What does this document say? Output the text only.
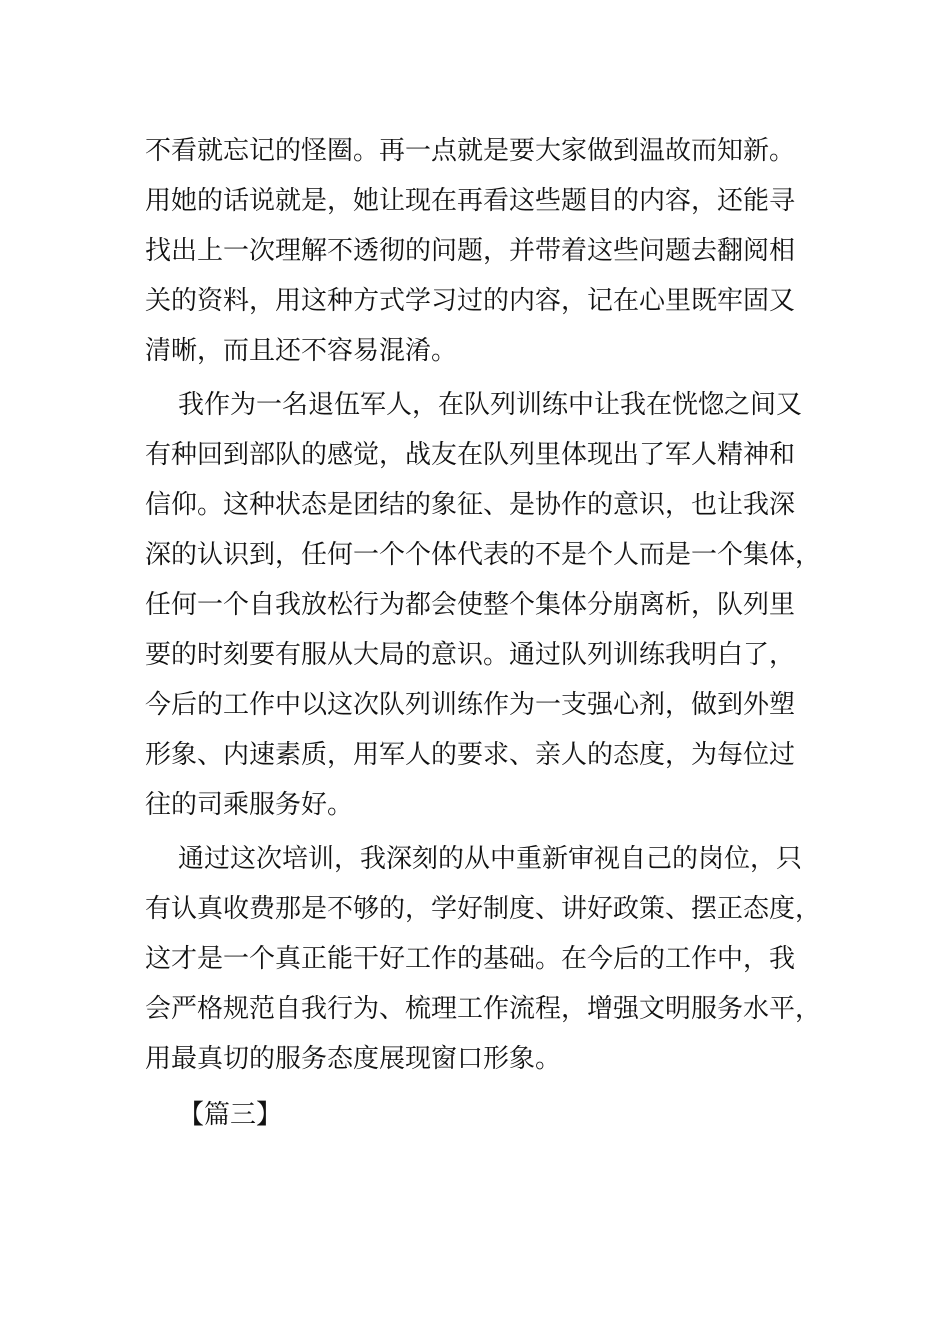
不看就忘记的怪圈。再一点就是要大家做到温故而知新。
用她的话说就是，她让现在再看这些题目的内容，还能寻
找出上一次理解不透彻的问题，并带着这些问题去翻阅相
关的资料，用这种方式学习过的内容，记在心里既牢固又
清晰，而且还不容易混淆。
我作为一名退伍军人，在队列训练中让我在恍惚之间又
有种回到部队的感觉，战友在队列里体现出了军人精神和
信仰。这种状态是团结的象征、是协作的意识，也让我深
深的认识到，任何一个个体代表的不是个人而是一个集体，
任何一个自我放松行为都会使整个集体分崩离析，队列里
要的时刻要有服从大局的意识。通过队列训练我明白了，
今后的工作中以这次队列训练作为一支强心剂，做到外塑
形象、内速素质，用军人的要求、亲人的态度，为每位过
往的司乘服务好。
通过这次培训，我深刻的从中重新审视自己的岗位，只
有认真收费那是不够的，学好制度、讲好政策、摆正态度，
这才是一个真正能干好工作的基础。在今后的工作中，我
会严格规范自我行为、梳理工作流程，增强文明服务水平，
用最真切的服务态度展现窗口形象。
【篇三】
